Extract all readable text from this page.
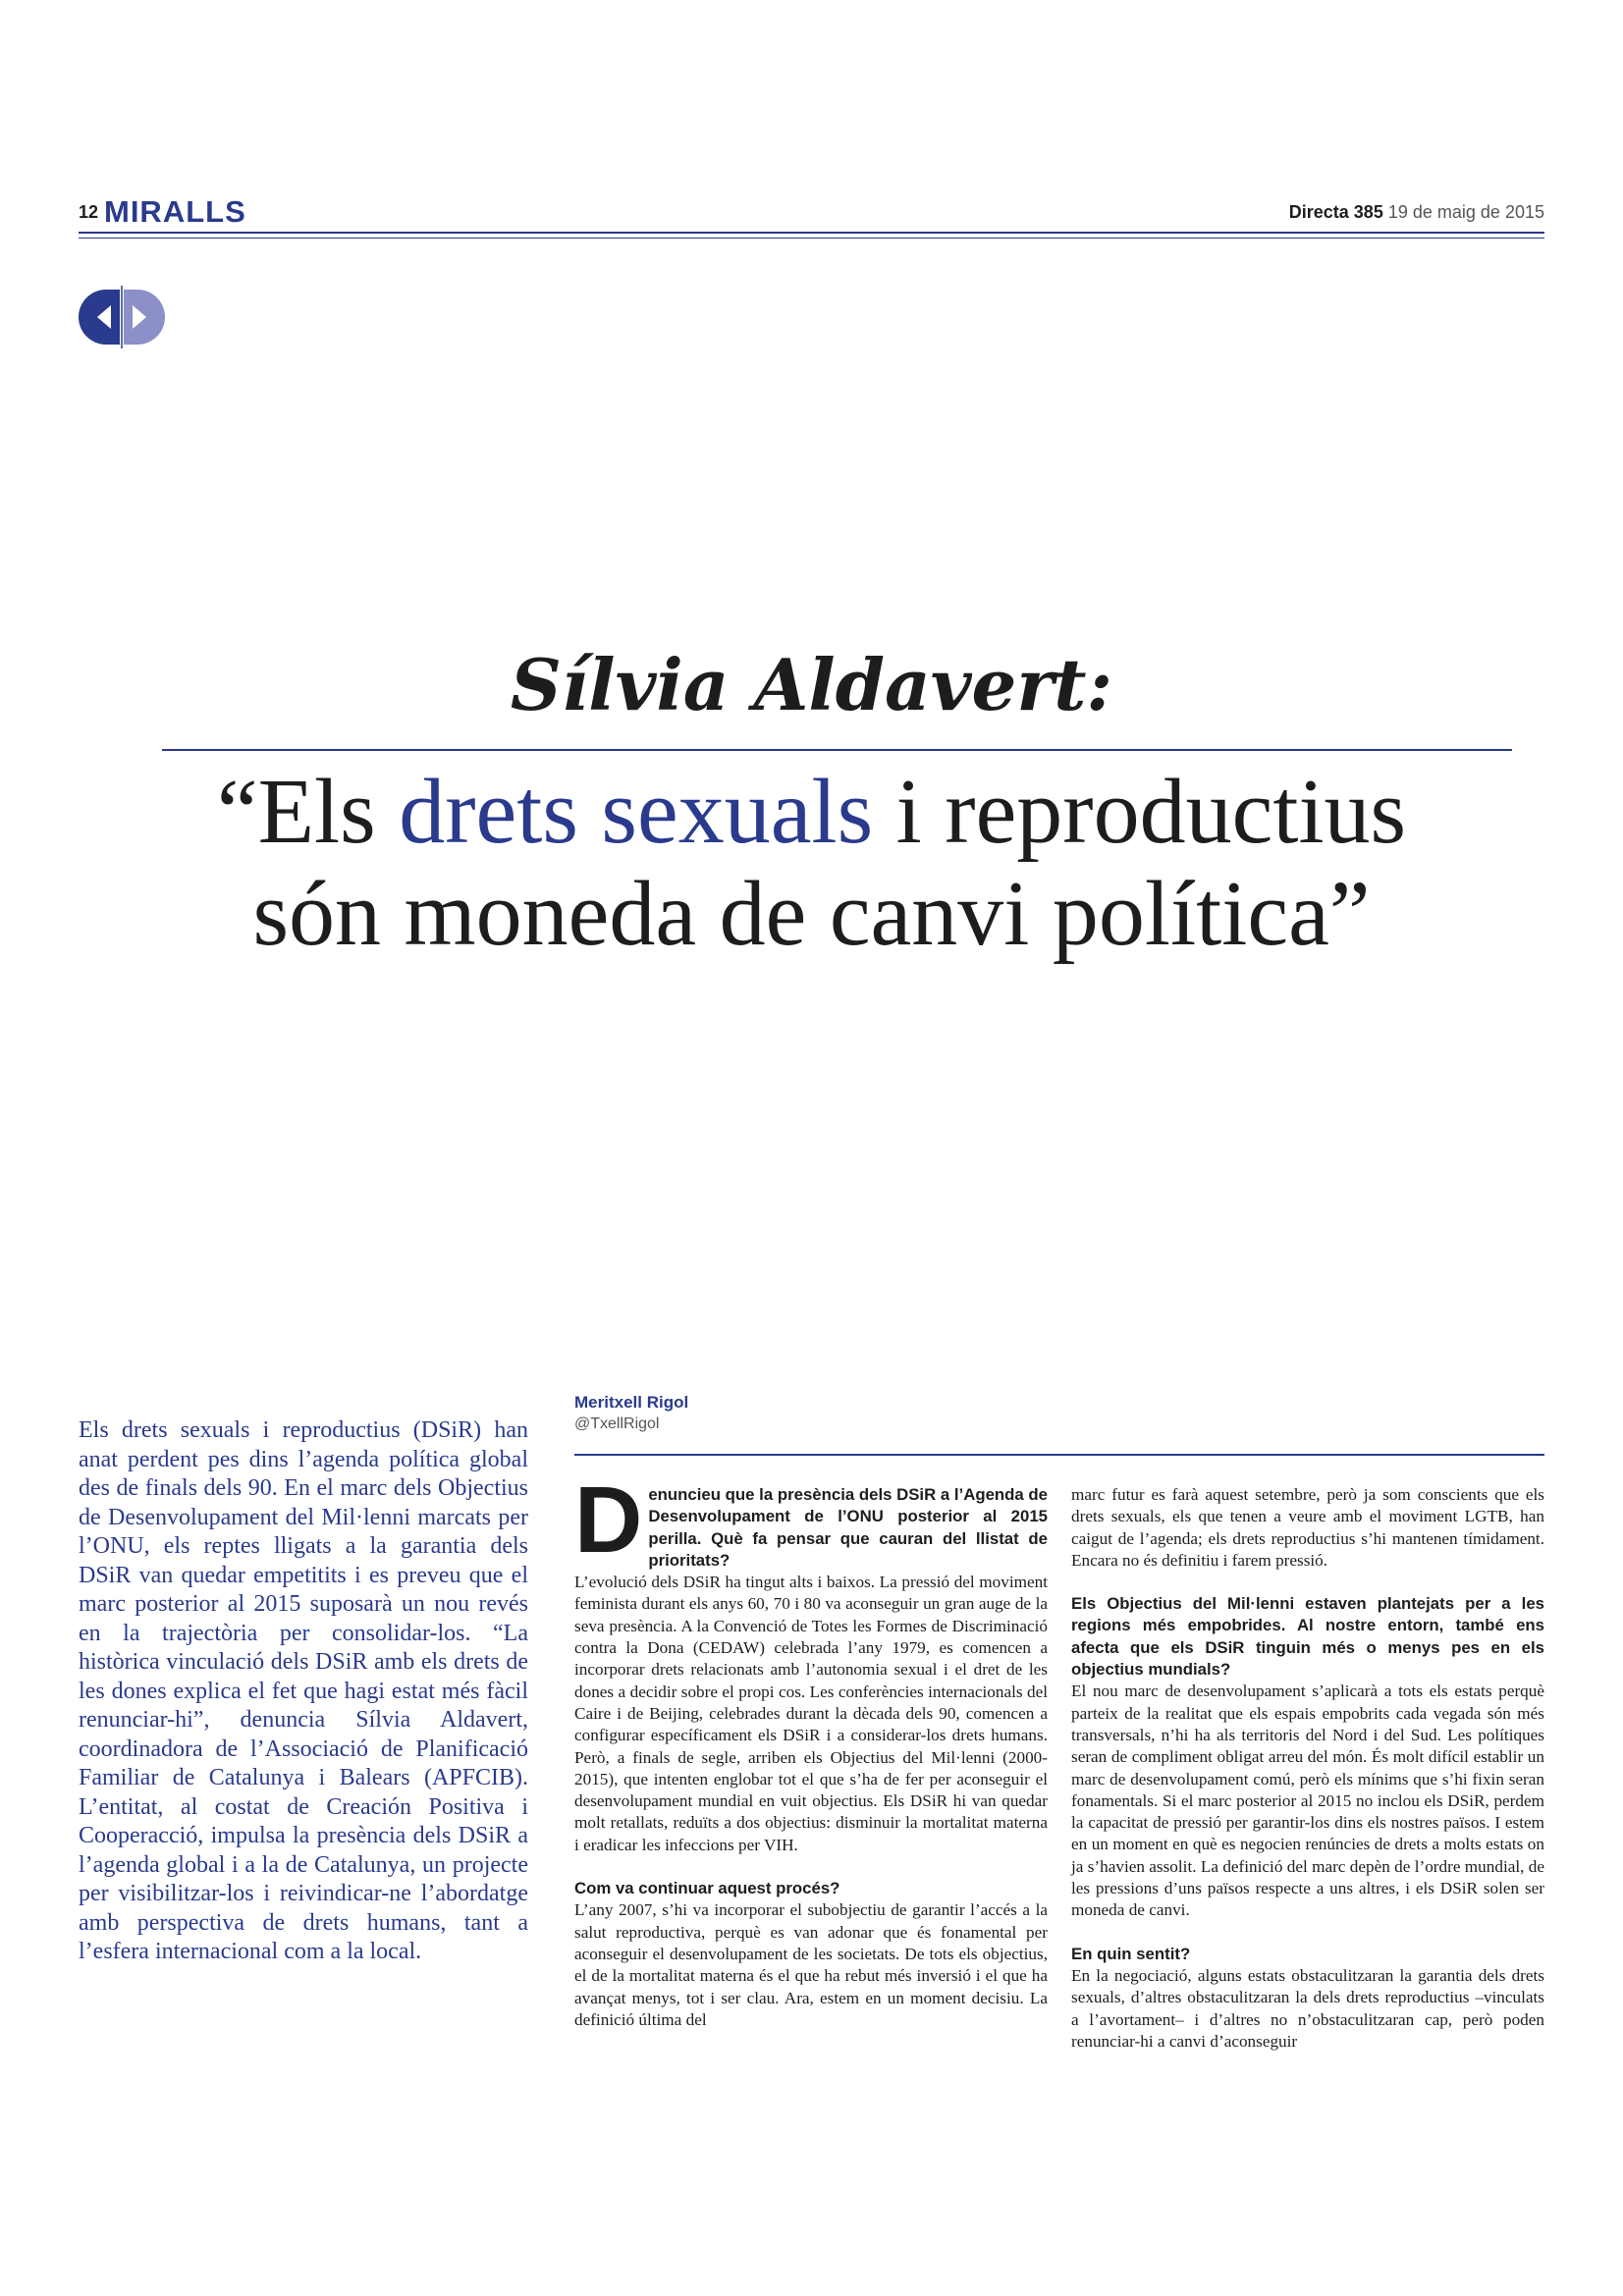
12 MIRALLS	Directa 385 19 de maig de 2015
Sílvia Aldavert:
“Els drets sexuals i reproductius
són moneda de canvi política”
Els drets sexuals i reproductius (DSiR) han anat perdent pes dins l’agenda política global des de finals dels 90. En el marc dels Objectius de Desenvolupament del Mil·lenni marcats per l’ONU, els reptes lligats a la garantia dels DSiR van quedar empetitits i es preveu que el marc posterior al 2015 suposarà un nou revés en la trajectòria per consolidar-los. “La històrica vinculació dels DSiR amb els drets de les dones explica el fet que hagi estat més fàcil renunciar-hi”, denuncia Sílvia Aldavert, coordinadora de l’Associació de Planificació Familiar de Catalunya i Balears (APFCIB). L’entitat, al costat de Creación Positiva i Cooperacció, impulsa la presència dels DSiR a l’agenda global i a la de Catalunya, un projecte per visibilitzar-los i reivindicar-ne l’abordatge amb perspectiva de drets humans, tant a l’esfera internacional com a la local.
Meritxell Rigol
@TxellRigol

Denunciеu que la presència dels DSiR a l’Agenda de Desenvolupament de l’ONU posterior al 2015 perilla. Què fa pensar que cauran del llistat de prioritats?

L’evolució dels DSiR ha tingut alts i baixos. La pressió del moviment feminista durant els anys 60, 70 i 80 va aconseguir un gran auge de la seva presència. A la Convenció de Totes les Formes de Discriminació contra la Dona (CEDAW) celebrada l’any 1979, es comencen a incorporar drets relacionats amb l’autonomia sexual i el dret de les dones a decidir sobre el propi cos. Les conferències internacionals del Caire i de Beijing, celebrades durant la dècada dels 90, comencen a configurar específicament els DSiR i a considerar-los drets humans. Però, a finals de segle, arriben els Objectius del Mil·lenni (2000-2015), que intenten englobar tot el que s’ha de fer per aconseguir el desenvolupament mundial en vuit objectius. Els DSiR hi van quedar molt retallats, reduïts a dos objectius: disminuir la mortalitat materna i eradicar les infeccions per VIH.

Com va continuar aquest procés?

L’any 2007, s’hi va incorporar el subobjectiu de garantir l’accés a la salut reproductiva, perquè es van adonar que és fonamental per aconseguir el desenvolupament de les societats. De tots els objectius, el de la mortalitat materna és el que ha rebut més inversió i el que ha avançat menys, tot i ser clau. Ara, estem en un moment decisiu. La definició última del

marc futur es farà aquest setembre, però ja som conscients que els drets sexuals, els que tenen a veure amb el moviment LGTB, han caigut de l’agenda; els drets reproductius s’hi mantenen tímidament. Encara no és definitiu i farem pressió.

Els Objectius del Mil·lenni estaven plantejats per a les regions més empobrides. Al nostre entorn, també ens afecta que els DSiR tinguin més o menys pes en els objectius mundials?

El nou marc de desenvolupament s’aplicarà a tots els estats perquè parteix de la realitat que els espais empobrits cada vegada són més transversals, n’hi ha als territoris del Nord i del Sud. Les polítiques seran de compliment obligat arreu del món. És molt difícil establir un marc de desenvolupament comú, però els mínims que s’hi fixin seran fonamentals. Si el marc posterior al 2015 no inclou els DSiR, perdem la capacitat de pressió per garantir-los dins els nostres països. I estem en un moment en què es negocien renúncies de drets a molts estats on ja s’havien assolit. La definició del marc depèn de l’ordre mundial, de les pressions d’uns països respecte a uns altres, i els DSiR solen ser moneda de canvi.

En quin sentit?

En la negociació, alguns estats obstaculitzaran la garantia dels drets sexuals, d’altres obstaculitzaran la dels drets reproductius –vinculats a l’avortament– i d’altres no n’obstaculitzaran cap, però poden renunciar-hi a canvi d’aconseguir
